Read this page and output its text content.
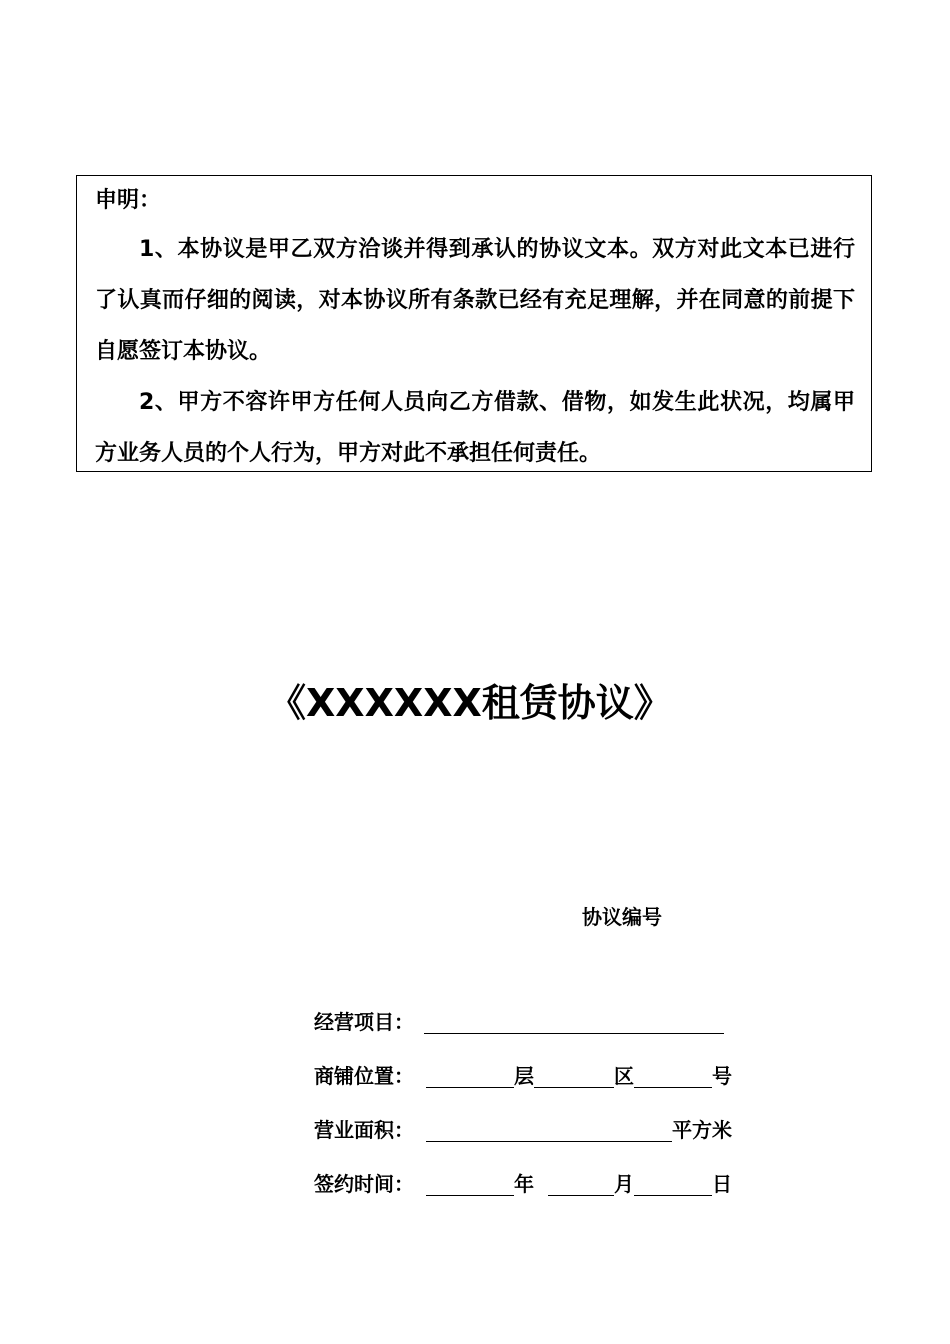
申明：

1、本协议是甲乙双方洽谈并得到承认的协议文本。双方对此文本已进行了认真而仔细的阅读，对本协议所有条款已经有充足理解，并在同意的前提下自愿签订本协议。

2、甲方不容许甲方任何人员向乙方借款、借物，如发生此状况，均属甲方业务人员的个人行为，甲方对此不承担任何责任。

《XXXXXX租赁协议》
协议编号
经营项目：
商铺位置：	层	区	号
营业面积：	平方米
签约时间：	年	月	日
